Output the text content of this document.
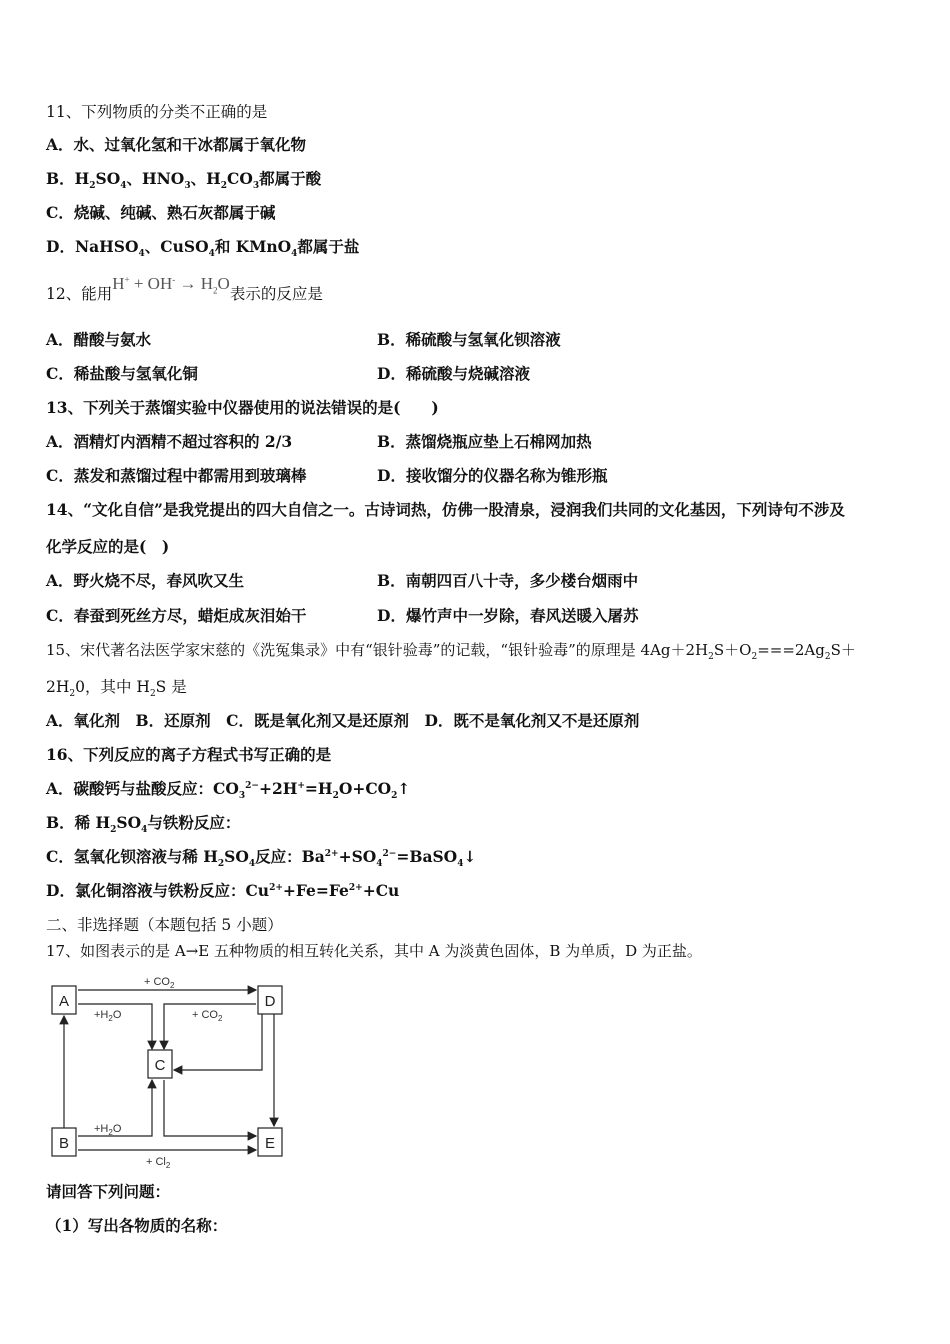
11、下列物质的分类不正确的是
A．水、过氧化氢和干冰都属于氧化物
B．$H_2SO_4$、$HNO_3$、$H_2CO_3$都属于酸
C．烧碱、纯碱、熟石灰都属于碱
D．NaHSO$_4$、CuSO$_4$和 KMnO$_4$都属于盐
12、能用$H^+ + OH^- \to H_2O$表示的反应是
A．醋酸与氨水	B．稀硫酸与氢氧化钡溶液
C．稀盐酸与氢氧化铜	D．稀硫酸与烧碱溶液
13、下列关于蒸馏实验中仪器使用的说法错误的是(　　)
A．酒精灯内酒精不超过容积的 2/3	B．蒸馏烧瓶应垫上石棉网加热
C．蒸发和蒸馏过程中都需用到玻璃棒	D．接收馏分的仪器名称为锥形瓶
14、“文化自信”是我党提出的四大自信之一。古诗词热，仿佛一股清泉，浸润我们共同的文化基因，下列诗句不涉及
化学反应的是(　)
A．野火烧不尽，春风吹又生	B．南朝四百八十寺，多少楼台烟雨中
C．春蚕到死丝方尽，蜡炬成灰泪始干	D．爆竹声中一岁除，春风送暖入屠苏
15、宋代著名法医学家宋慈的《洗冤集录》中有“银针验毒”的记载，“银针验毒”的原理是 $4Ag+2H_2S+O_2===2Ag_2S+$
$2H_20$，其中 $H_2S$ 是
A．氧化剂　B．还原剂　C．既是氧化剂又是还原剂　D．既不是氧化剂又不是还原剂
16、下列反应的离子方程式书写正确的是
A．碳酸钙与盐酸反应：$CO_3^{2-}+2H^+=H_2O+CO_2↑$
B．稀 $H_2SO_4$与铁粉反应：
C．氢氧化钡溶液与稀 $H_2SO_4$反应：$Ba^{2+}+SO_4^{2-}=BaSO_4↓$
D．氯化铜溶液与铁粉反应：$Cu^{2+}+Fe=Fe^{2+}+Cu$
二、非选择题（本题包括 5 小题）
17、如图表示的是 A→E 五种物质的相互转化关系，其中 A 为淡黄色固体，B 为单质，D 为正盐。
A	D
C
B	E
+ $CO_2$
$+H_2O$	+ $CO_2$
$+H_2O$
+ $Cl_2$
请回答下列问题：
（1）写出各物质的名称：
